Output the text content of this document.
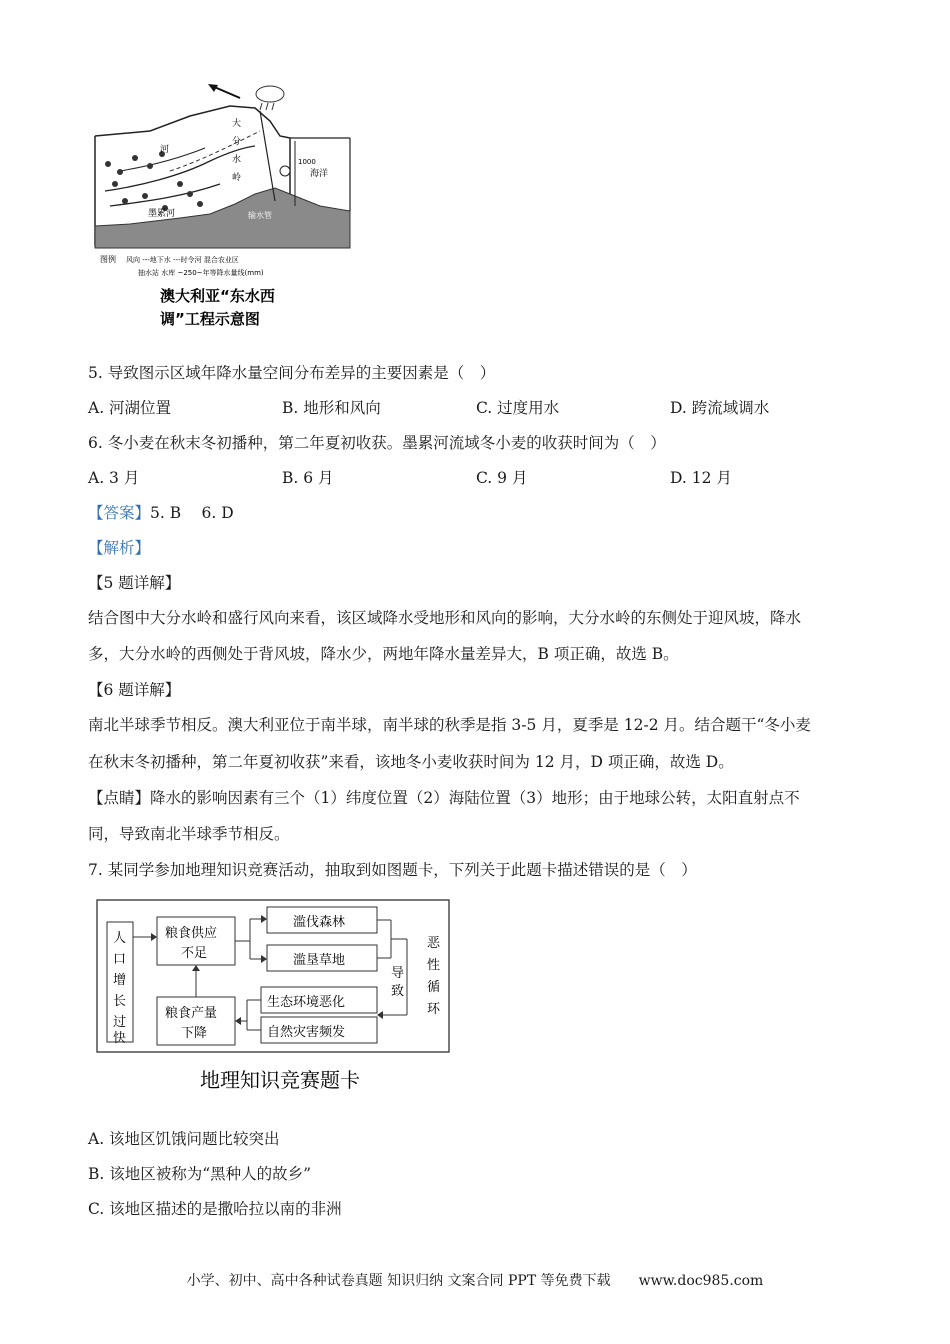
大
分
水
岭
河
墨累河
海洋
输水管
1000
图例 风向 ---地下水 ---时令河 混合农业区
抽水站 水库 ~250~年等降水量线(mm)
澳大利亚“东水西
调”工程示意图
5. 导致图示区域年降水量空间分布差异的主要因素是（　）
A. 河湖位置	B. 地形和风向	C. 过度用水	D. 跨流域调水
6. 冬小麦在秋末冬初播种，第二年夏初收获。墨累河流域冬小麦的收获时间为（　）
A. 3 月	B. 6 月	C. 9 月	D. 12 月
【答案】5. B　 6. D
【解析】
【5 题详解】
结合图中大分水岭和盛行风向来看，该区域降水受地形和风向的影响，大分水岭的东侧处于迎风坡，降水
多，大分水岭的西侧处于背风坡，降水少，两地年降水量差异大，B 项正确，故选 B。
【6 题详解】
南北半球季节相反。澳大利亚位于南半球，南半球的秋季是指 3-5 月，夏季是 12-2 月。结合题干“冬小麦
在秋末冬初播种，第二年夏初收获”来看，该地冬小麦收获时间为 12 月，D 项正确，故选 D。
【点睛】降水的影响因素有三个（1）纬度位置（2）海陆位置（3）地形；由于地球公转，太阳直射点不
同，导致南北半球季节相反。
7. 某同学参加地理知识竞赛活动，抽取到如图题卡，下列关于此题卡描述错误的是（　）
人
口
增
长
过
快
粮食供应
不足
粮食产量
下降
滥伐森林
滥垦草地
生态环境恶化
自然灾害频发
导
致
恶
性
循
环
地理知识竞赛题卡
A. 该地区饥饿问题比较突出
B. 该地区被称为“黑种人的故乡”
C. 该地区描述的是撒哈拉以南的非洲
小学、初中、高中各种试卷真题 知识归纳 文案合同 PPT 等免费下载　　www.doc985.com
